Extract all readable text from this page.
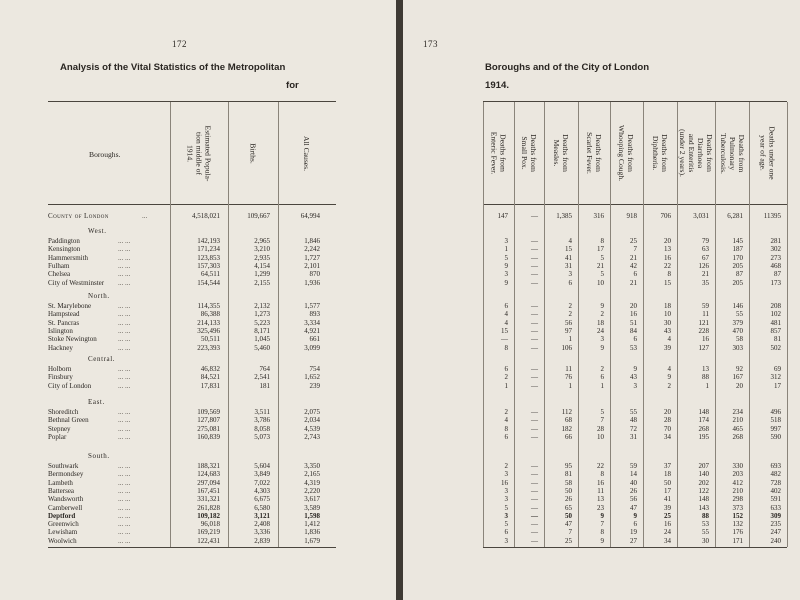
172
Analysis of the Vital Statistics of the Metropolitan
for
Boroughs.	Estimated Popula-
tion middle of
1914.	Births.	All Causes.
County of London	...	4,518,021	109,667	64,994
West.
Paddington	... ...	142,193	2,965	1,846
Kensington	... ...	171,234	3,210	2,242
Hammersmith	... ...	123,853	2,935	1,727
Fulham	... ...	157,303	4,154	2,101
Chelsea	... ...	64,511	1,299	870
City of Westminster ... ...	154,544	2,155	1,936
North.
St. Marylebone	... ...	114,355	2,132	1,577
Hampstead	... ...	86,388	1,273	893
St. Pancras	... ...	214,133	5,223	3,334
Islington	... ...	325,496	8,171	4,921
Stoke Newington	... ...	50,511	1,045	661
Hackney	... ...	223,393	5,460	3,099
Central.
Holborn	... ...	46,832	764	754
Finsbury	... ...	84,521	2,541	1,652
City of London	... ...	17,831	181	239
East.
Shoreditch	... ...	109,569	3,511	2,075
Bethnal Green	... ...	127,807	3,786	2,034
Stepney	... ...	275,081	8,058	4,539
Poplar	... ...	160,839	5,073	2,743
South.
Southwark	... ...	188,321	5,604	3,350
Bermondsey	... ...	124,683	3,849	2,165
Lambeth	... ...	297,094	7,022	4,319
Battersea	... ...	167,451	4,303	2,220
Wandsworth	... ...	331,321	6,675	3,617
Camberwell	... ...	261,828	6,580	3,589
Deptford	... ...	109,182	3,121	1,598
Greenwich	... ...	96,018	2,408	1,412
Lewisham	... ...	169,219	3,336	1,836
Woolwich	... ...	122,431	2,839	1,679
173
Boroughs and of the City of London
1914.
Deaths from
Enteric Fever.
Deaths from
Small Pox.
Deaths from
Measles.	Deaths from
Scarlet Fever.
Deaths from
Whooping Cough.
Deaths from
Diphtheria.	Deaths from
Diarrhoea
and Enteritis
(under 2 years).
Deaths from
Pulmonary
Tuberculosis.	Deaths under one
year of age.
147	—	1,385	316	918	706	3,031	6,281	11395
3	—	4	8	25	20	79	145	281
1	—	15	17	7	13	63	187	302
5	—	41	5	21	16	67	170	273
9	—	31	21	42	22	126	205	468
3	—	3	5	6	8	21	87	87
9	—	6	10	21	15	35	205	173
6	—	2	9	20	18	59	146	208
4	—	2	2	16	10	11	55	102
4	—	56	18	51	30	121	379	481
15	—	97	24	84	43	228	470	857
—	—	1	3	6	4	16	58	81
8	—	106	9	53	39	127	303	502
6	—	11	2	9	4	13	92	69
2	—	76	6	43	9	88	167	312
1	—	1	1	3	2	1	20	17
2	—	112	5	55	20	148	234	496
4	—	68	7	48	28	174	210	518
8	—	182	28	72	70	268	465	997
6	—	66	10	31	34	195	268	590
2	—	95	22	59	37	207	330	693
3	—	81	8	14	18	140	203	482
16	—	58	16	40	50	202	412	728
3	—	50	11	26	17	122	210	402
3	—	26	13	56	41	148	298	591
5	—	65	23	47	39	143	373	633
3	—	50	9	9	25	88	152	309
5	—	47	7	6	16	53	132	235
6	—	7	8	19	24	55	176	247
3	—	25	9	27	34	30	171	240
